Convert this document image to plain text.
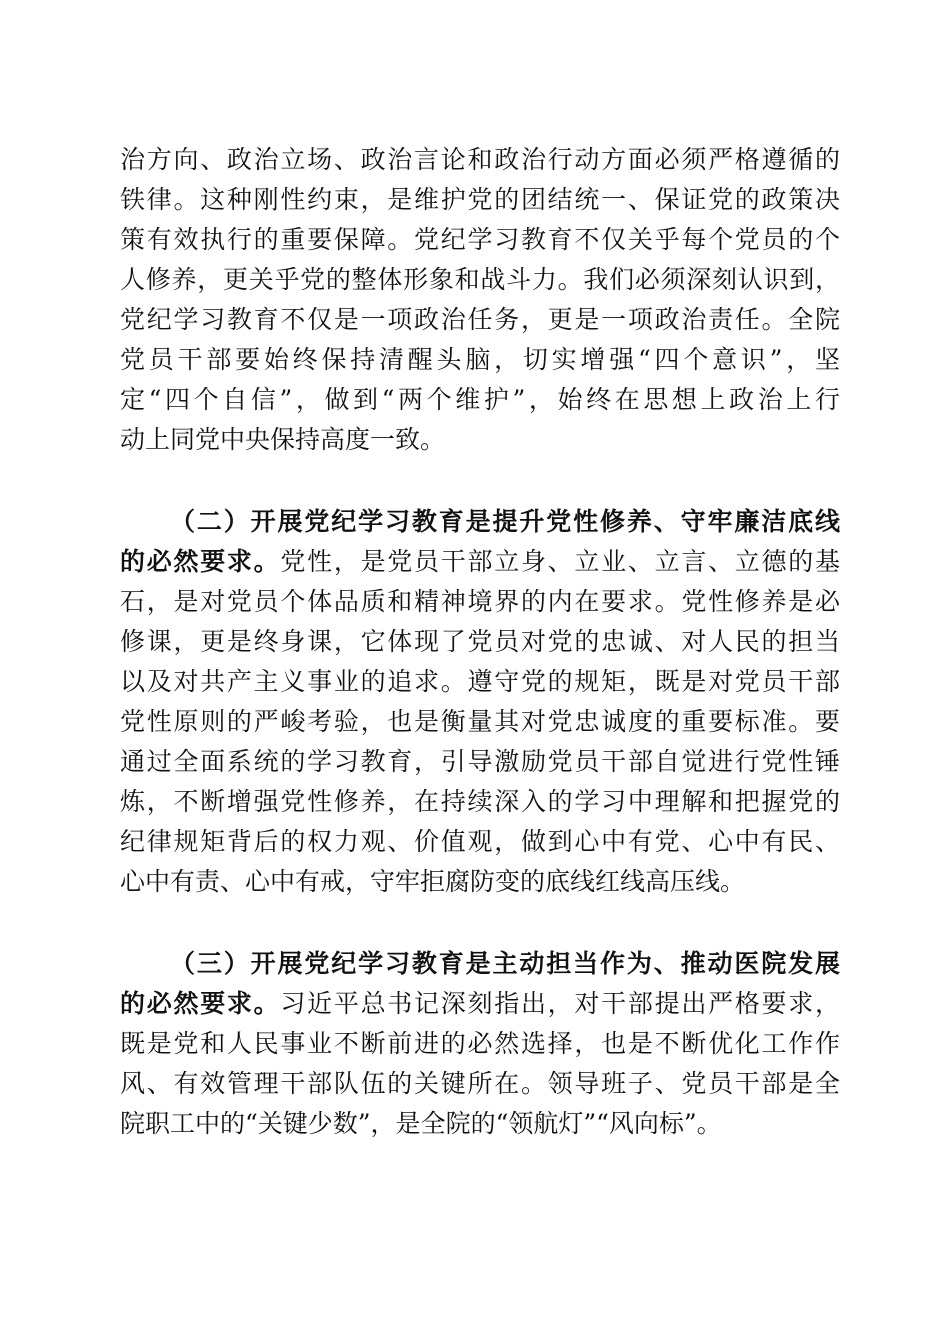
治方向、政治立场、政治言论和政治行动方面必须严格遵循的
铁律。这种刚性约束，是维护党的团结统一、保证党的政策决
策有效执行的重要保障。党纪学习教育不仅关乎每个党员的个
人修养，更关乎党的整体形象和战斗力。我们必须深刻认识到，
党纪学习教育不仅是一项政治任务，更是一项政治责任。全院
党员干部要始终保持清醒头脑，切实增强“四个意识”，坚
定“四个自信”，做到“两个维护”，始终在思想上政治上行
动上同党中央保持高度一致。
（二）开展党纪学习教育是提升党性修养、守牢廉洁底线
的必然要求。党性，是党员干部立身、立业、立言、立德的基
石，是对党员个体品质和精神境界的内在要求。党性修养是必
修课，更是终身课，它体现了党员对党的忠诚、对人民的担当
以及对共产主义事业的追求。遵守党的规矩，既是对党员干部
党性原则的严峻考验，也是衡量其对党忠诚度的重要标准。要
通过全面系统的学习教育，引导激励党员干部自觉进行党性锤
炼，不断增强党性修养，在持续深入的学习中理解和把握党的
纪律规矩背后的权力观、价值观，做到心中有党、心中有民、
心中有责、心中有戒，守牢拒腐防变的底线红线高压线。
（三）开展党纪学习教育是主动担当作为、推动医院发展
的必然要求。习近平总书记深刻指出，对干部提出严格要求，
既是党和人民事业不断前进的必然选择，也是不断优化工作作
风、有效管理干部队伍的关键所在。领导班子、党员干部是全
院职工中的“关键少数”，是全院的“领航灯”“风向标”。
